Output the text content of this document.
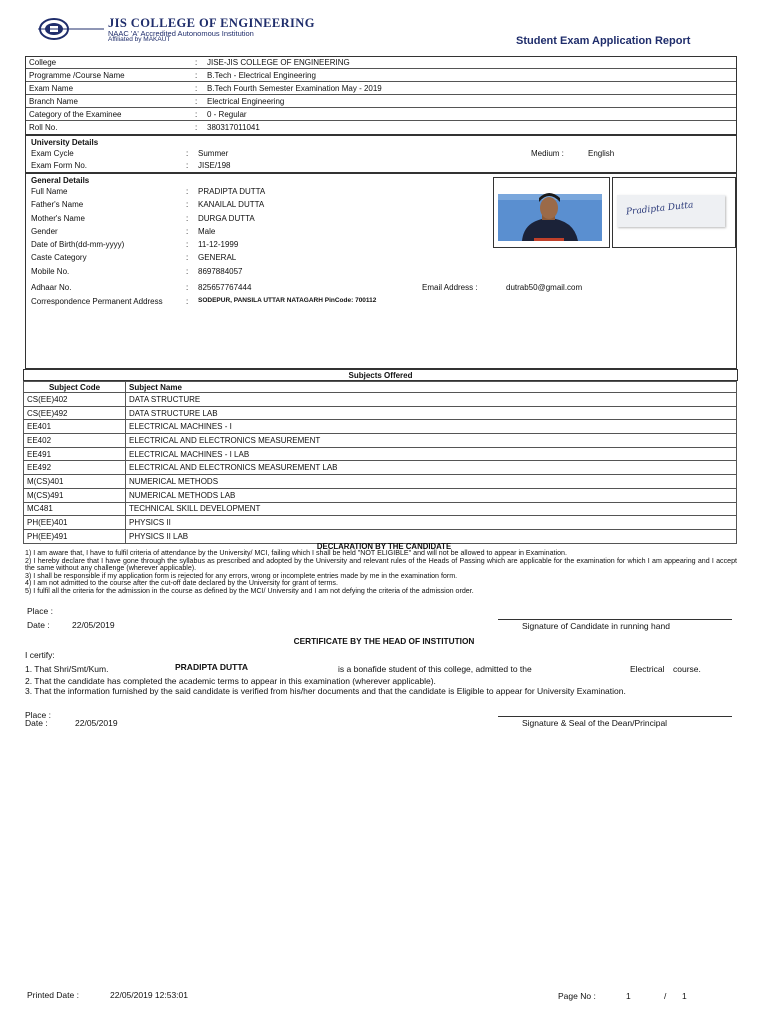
JIS COLLEGE OF ENGINEERING
NAAC 'A' Accredited Autonomous Institution
Affiliated by MAKAUT	Student Exam Application Report
College	: JISE-JIS COLLEGE OF ENGINEERING
Programme /Course Name	: B.Tech - Electrical Engineering
Exam Name	: B.Tech Fourth Semester Examination May - 2019
Branch Name	: Electrical Engineering
Category of the Examinee	: 0 - Regular
Roll No.	: 380317011041
University Details
Exam Cycle	: Summer	Medium :	English
Exam Form No.	: JISE/198
General Details
Full Name	: PRADIPTA DUTTA
Father's Name	: KANAILAL DUTTA
Mother's Name	: DURGA DUTTA
Gender	: Male
Date of Birth(dd-mm-yyyy)	: 11-12-1999
Caste Category	: GENERAL
Mobile No.	: 8697884057
Adhaar No.	: 825657767444	Email Address :	dutrab50@gmail.com
Correspondence Permanent Address	: SODEPUR, PANSILA UTTAR NATAGARH PinCode: 700112
Pradipta Dutta
Subjects Offered
Subject Code	Subject Name
CS(EE)402	DATA STRUCTURE
CS(EE)492	DATA STRUCTURE LAB
EE401	ELECTRICAL MACHINES - I
EE402	ELECTRICAL AND ELECTRONICS MEASUREMENT
EE491	ELECTRICAL MACHINES - I LAB
EE492	ELECTRICAL AND ELECTRONICS MEASUREMENT LAB
M(CS)401	NUMERICAL METHODS
M(CS)491	NUMERICAL METHODS LAB
MC481	TECHNICAL SKILL DEVELOPMENT
PH(EE)401	PHYSICS II
PH(EE)491	PHYSICS II LAB
DECLARATION BY THE CANDIDATE
1) I am aware that, I have to fulfil criteria of attendance by the University/ MCI, failing which I shall be held "NOT ELIGIBLE" and will not be allowed to appear in Examination.
2) I hereby declare that I have gone through the syllabus as prescribed and adopted by the University and relevant rules of the Heads of Passing which are applicable for the examination for which I am appearing and I accept the same without any challenge (wherever applicable).
3) I shall be responsible if my application form is rejected for any errors, wrong or incomplete entries made by me in the examination form.
4) I am not admitted to the course after the cut-off date declared by the University for grant of terms.
5) I fulfil all the criteria for the admission in the course as defined by the MCI/ University and I am not defying the criteria of the admission order.
Place :
Date :	22/05/2019	Signature of Candidate in running hand
CERTIFICATE BY THE HEAD OF INSTITUTION
I certify:
1. That Shri/Smt/Kum.	PRADIPTA DUTTA	is a bonafide student of this college, admitted to the	Electrical course.
2. That the candidate has completed the academic terms to appear in this examination (wherever applicable).
3. That the information furnished by the said candidate is verified from his/her documents and that the candidate is Eligible to appear for University Examination.
Place :
Date :	22/05/2019	Signature & Seal of the Dean/Principal
Printed Date :	22/05/2019 12:53:01	Page No :	1	/ 1
